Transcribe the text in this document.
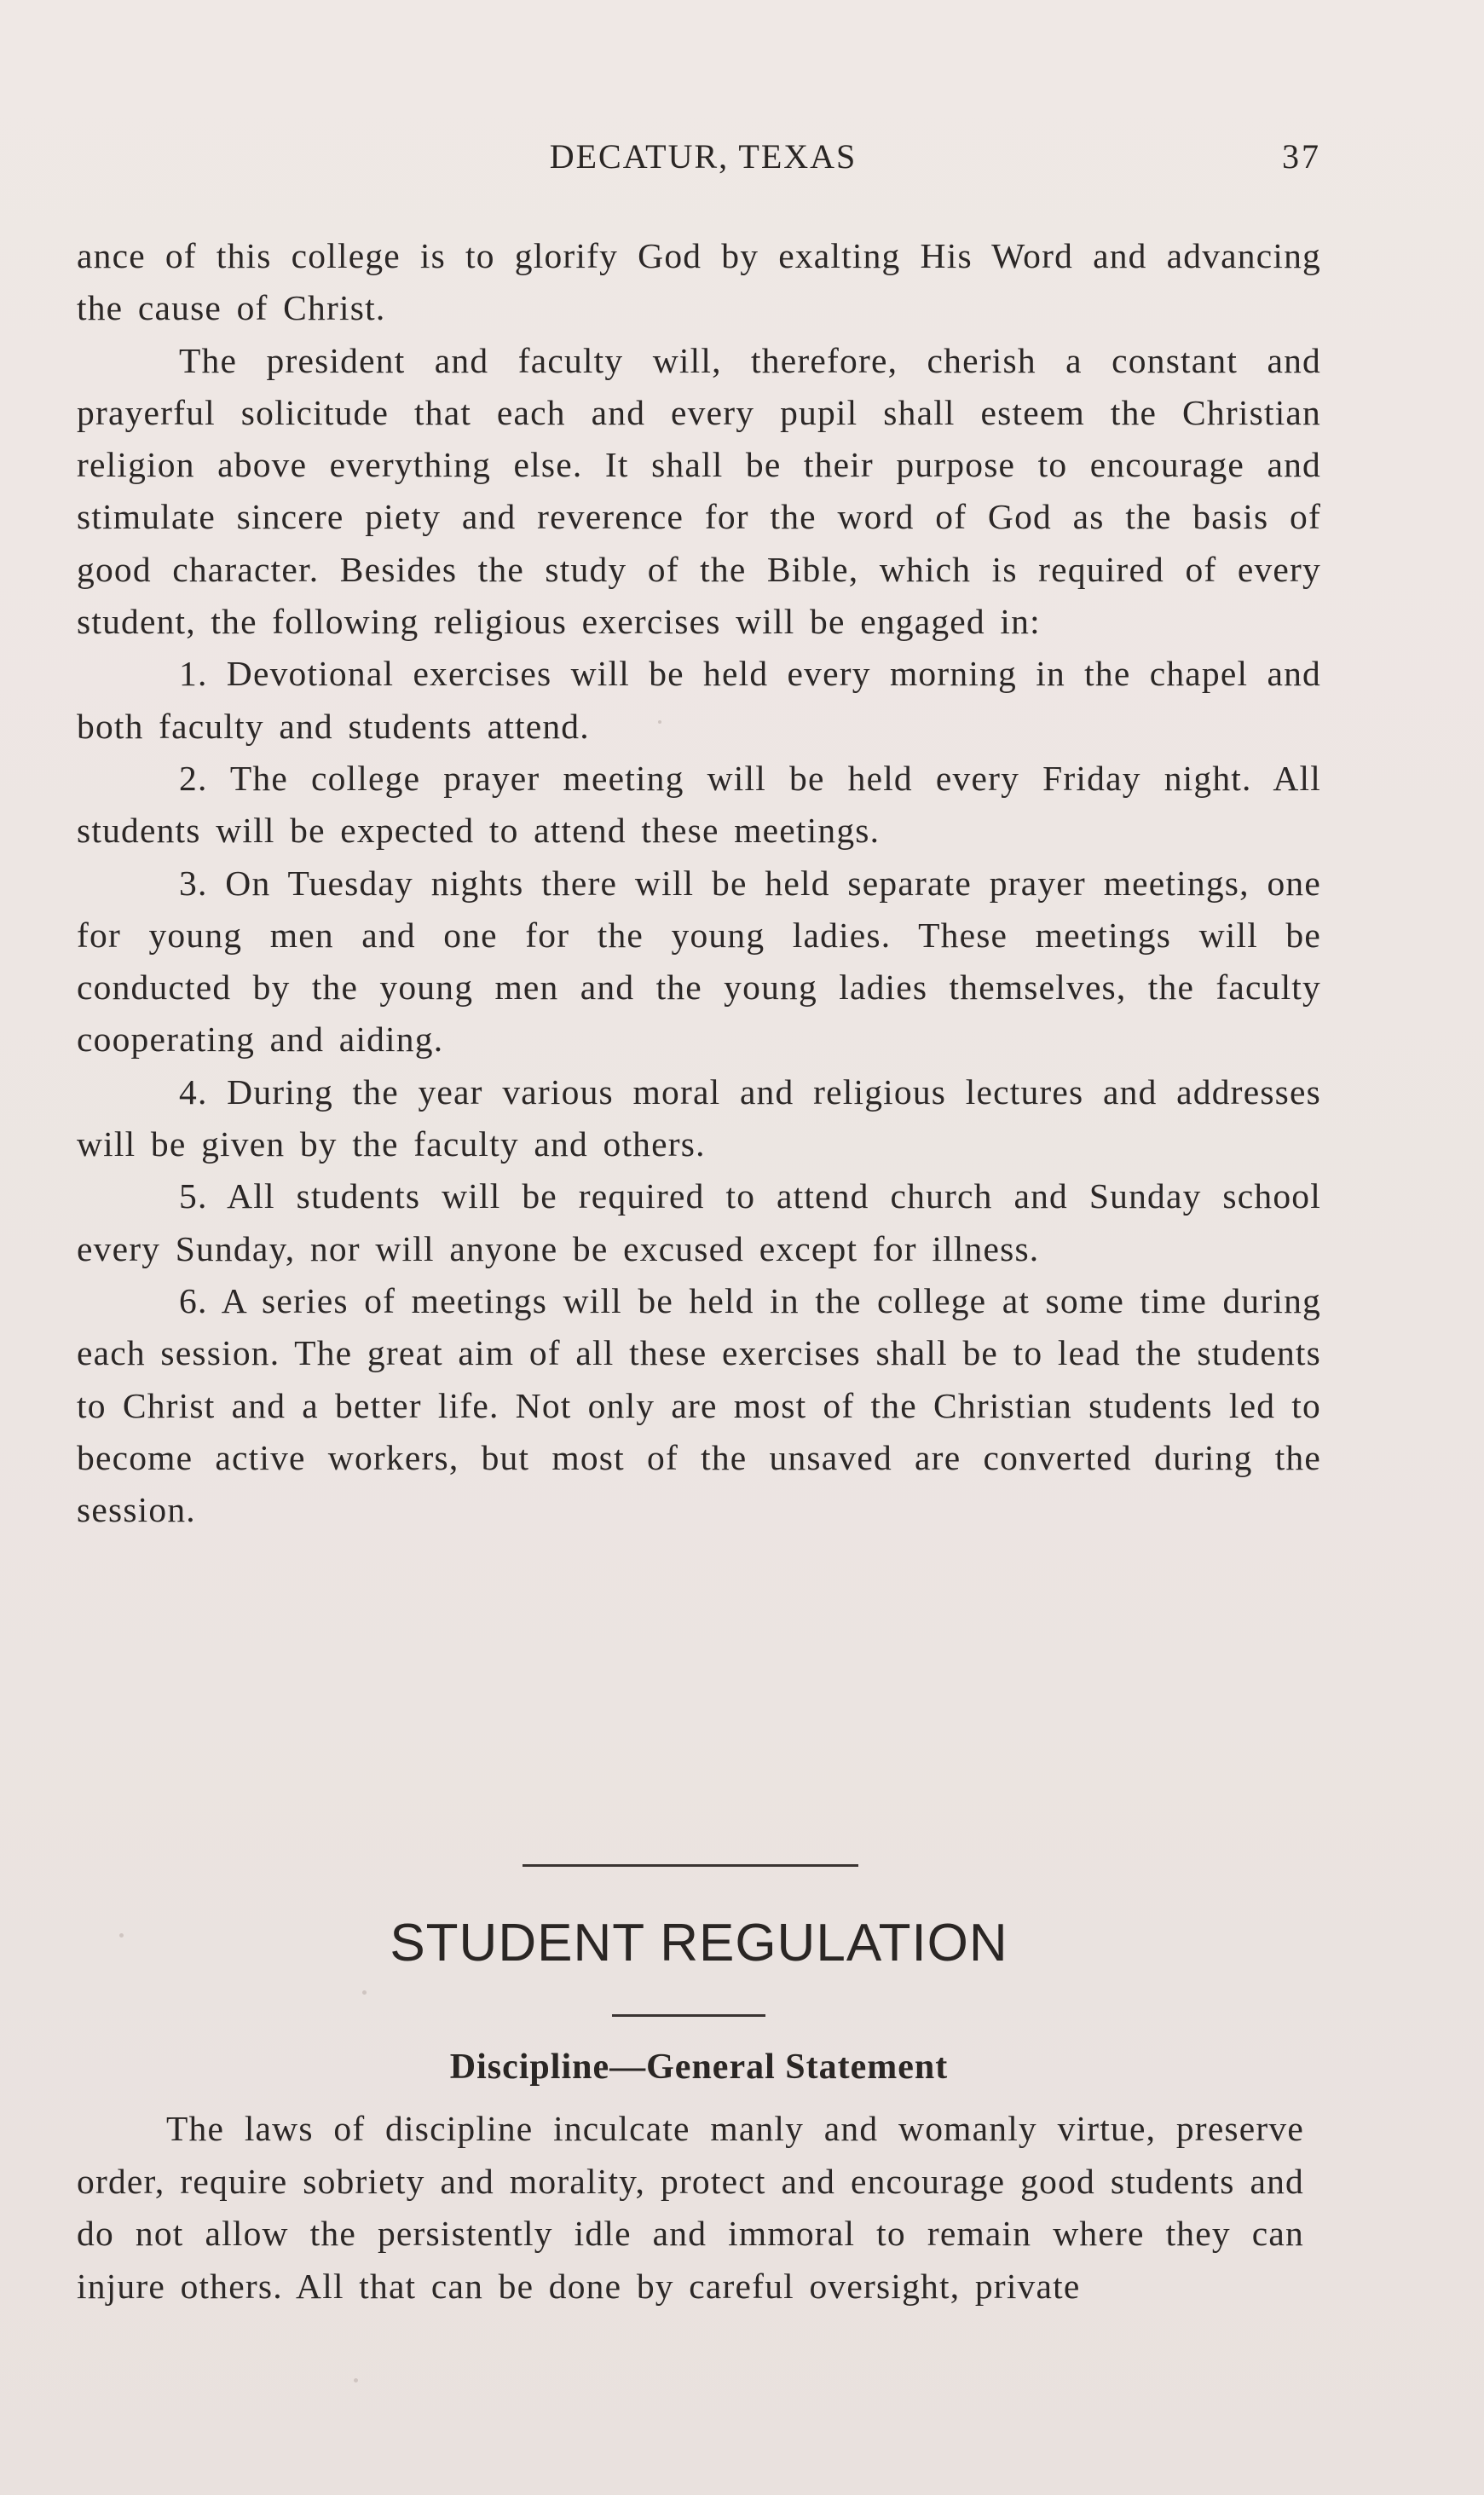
DECATUR, TEXAS	37

ance of this college is to glorify God by exalting His Word and advancing the cause of Christ.

The president and faculty will, therefore, cherish a constant and prayerful solicitude that each and every pupil shall esteem the Christian religion above everything else. It shall be their purpose to encourage and stimulate sincere piety and reverence for the word of God as the basis of good character. Besides the study of the Bible, which is required of every student, the following religious exercises will be engaged in:

1. Devotional exercises will be held every morning in the chapel and both faculty and students attend.

2. The college prayer meeting will be held every Friday night. All students will be expected to attend these meetings.

3. On Tuesday nights there will be held separate prayer meetings, one for young men and one for the young ladies. These meetings will be conducted by the young men and the young ladies themselves, the faculty cooperating and aiding.

4. During the year various moral and religious lectures and addresses will be given by the faculty and others.

5. All students will be required to attend church and Sunday school every Sunday, nor will anyone be excused except for illness.

6. A series of meetings will be held in the college at some time during each session. The great aim of all these exercises shall be to lead the students to Christ and a better life. Not only are most of the Christian students led to become active workers, but most of the unsaved are converted during the session.

STUDENT REGULATION
Discipline—General Statement

The laws of discipline inculcate manly and womanly virtue, preserve order, require sobriety and morality, protect and encourage good students and do not allow the persistently idle and immoral to remain where they can injure others. All that can be done by careful oversight, private
